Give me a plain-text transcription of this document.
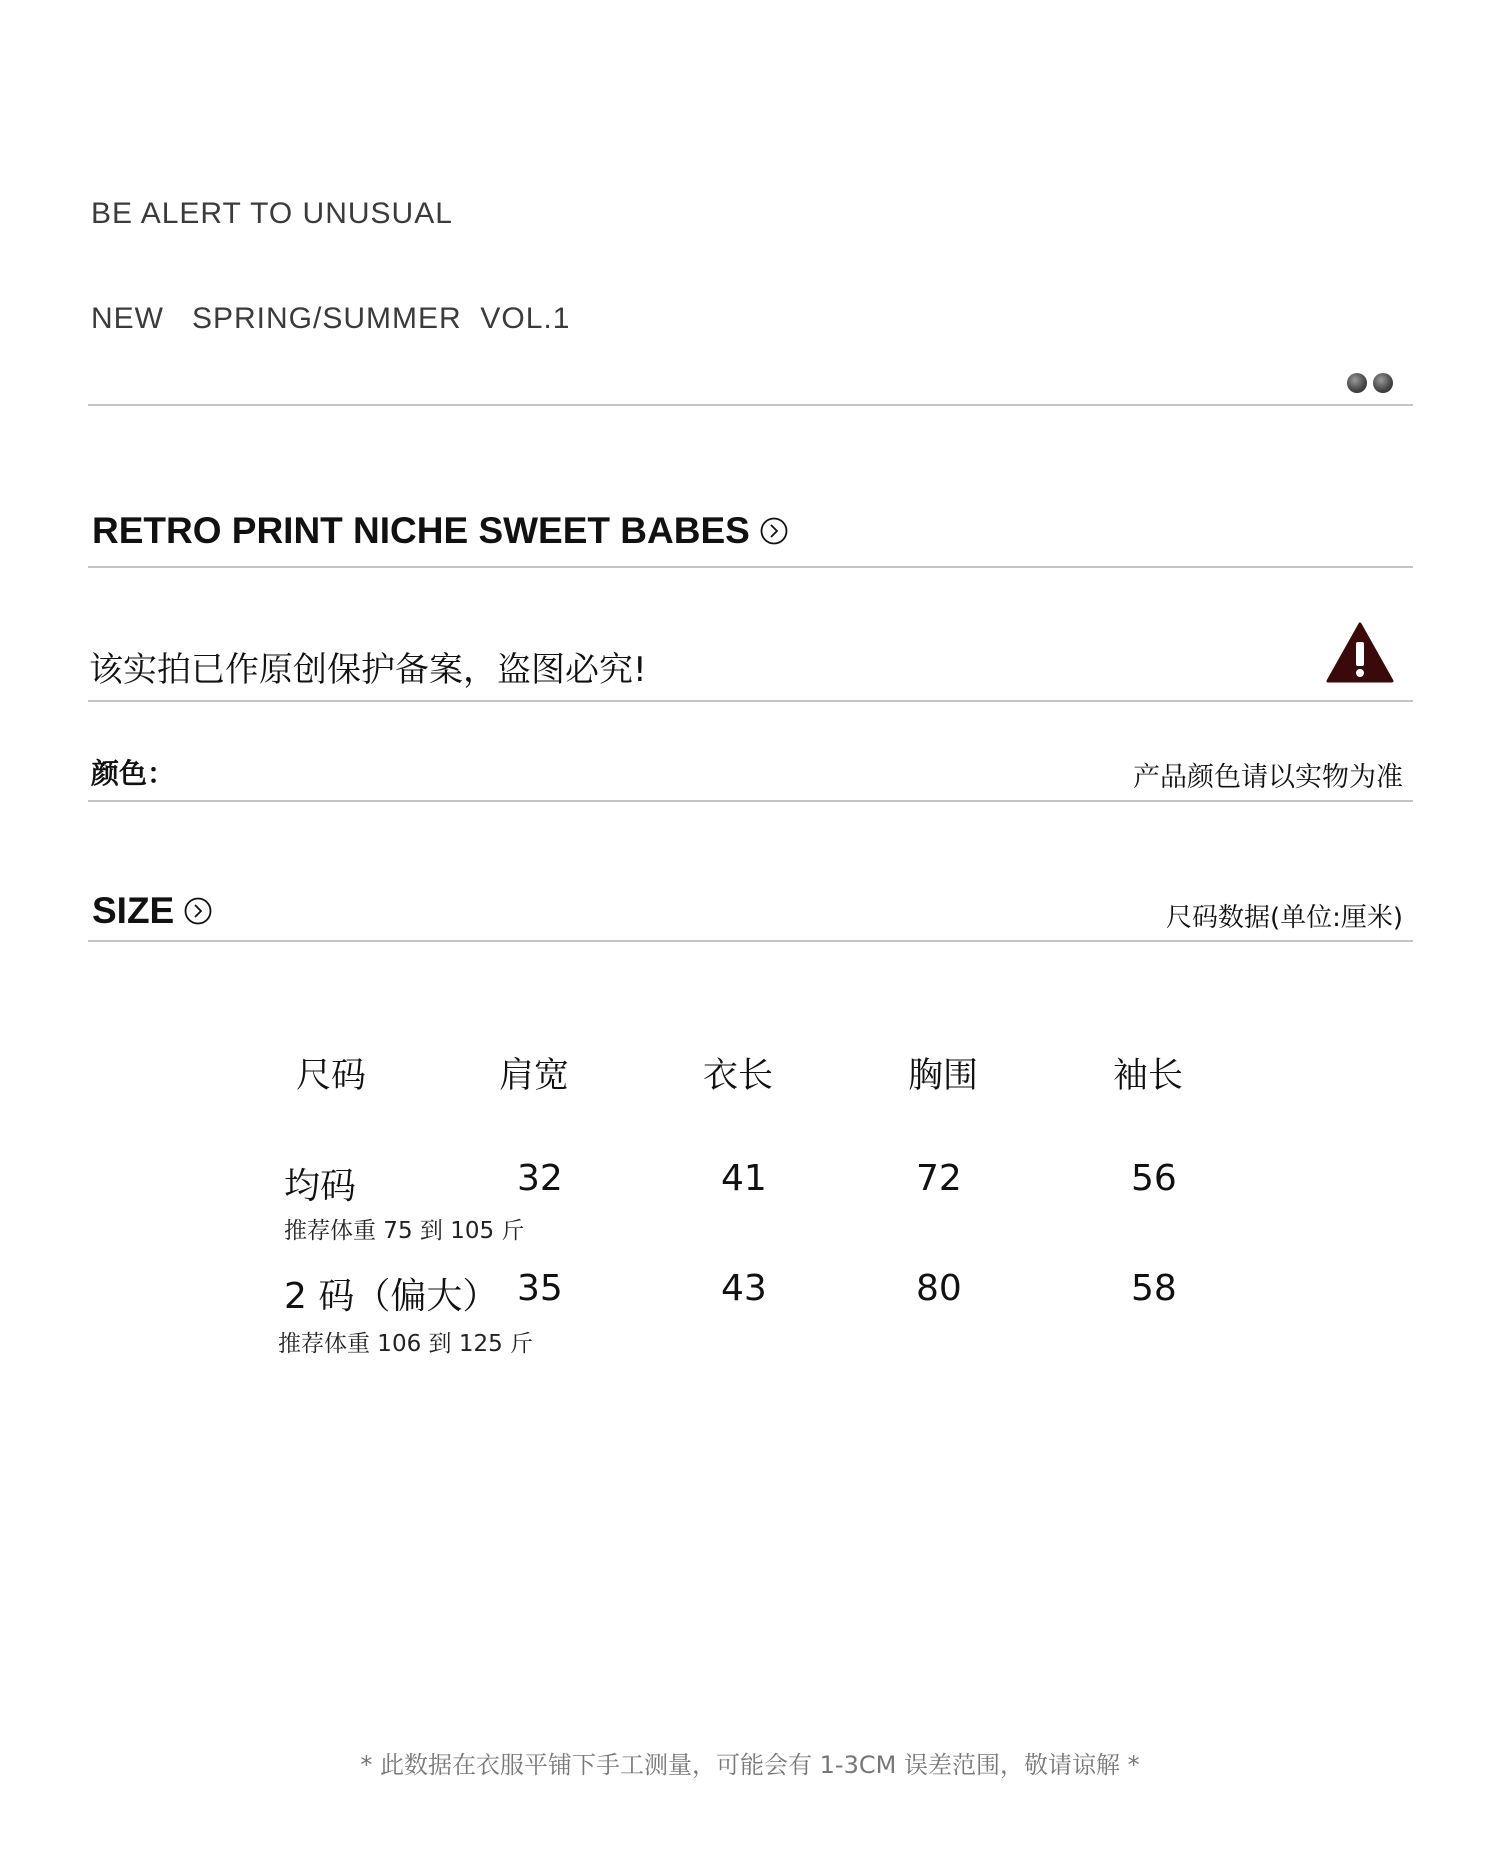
BE ALERT TO UNUSUAL

NEW   SPRING/SUMMER  VOL.1

RETRO PRINT NICHE SWEET BABES
该实拍已作原创保护备案，盗图必究!
颜色：	产品颜色请以实物为准
SIZE	尺码数据(单位:厘米)
尺码	肩宽	衣长	胸围	袖长
均码	32	41	72	56
推荐体重 75 到 105 斤
2 码（偏大） 35	43	80	58
推荐体重 106 到 125 斤
* 此数据在衣服平铺下手工测量，可能会有 1-3CM 误差范围，敬请谅解 *
